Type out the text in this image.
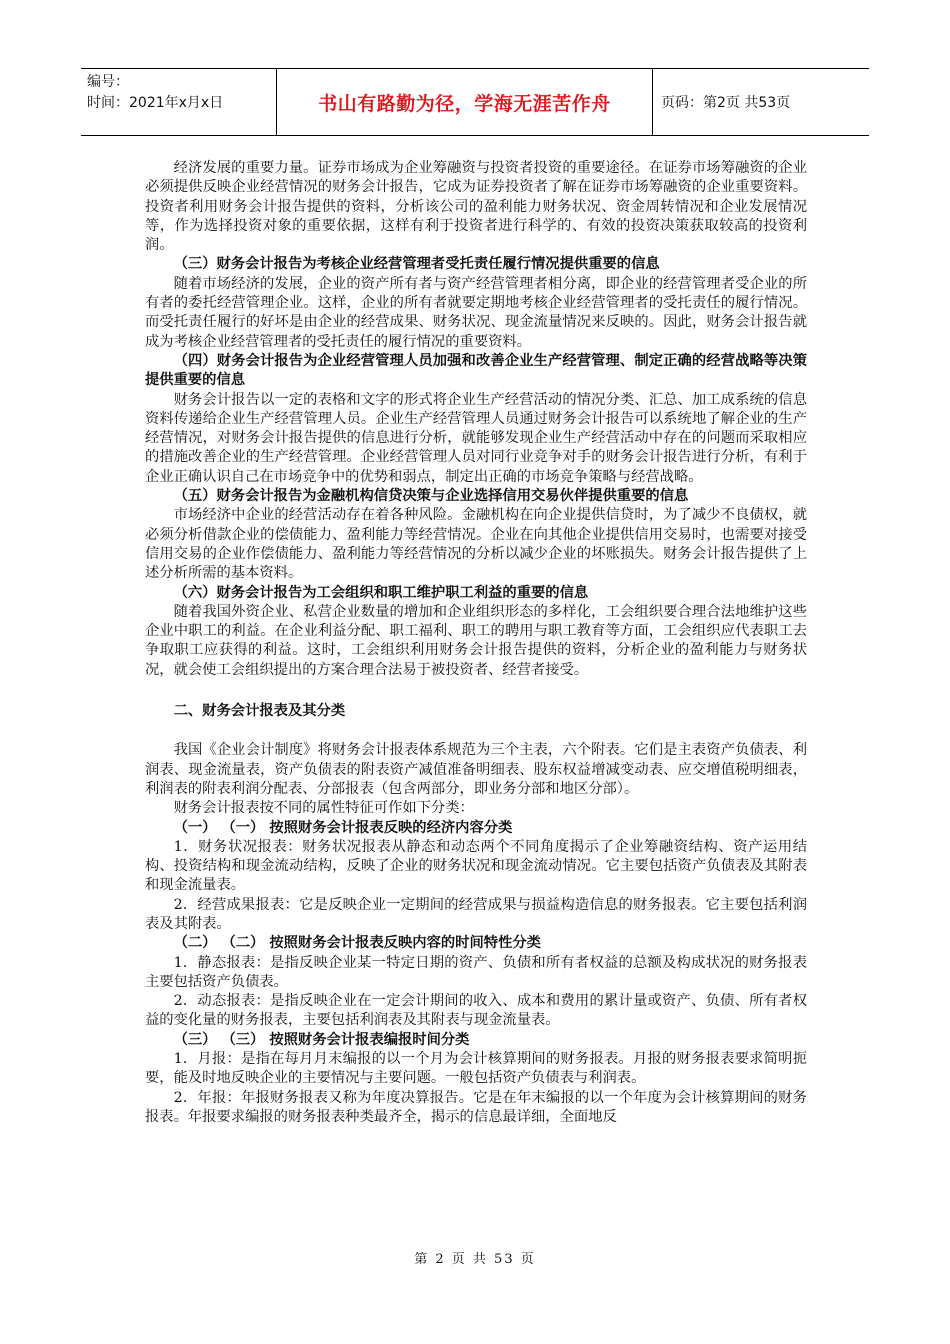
编号：
时间：2021年x月x日	书山有路勤为径，学海无涯苦作舟	页码：第2页 共53页

经济发展的重要力量。证券市场成为企业筹融资与投资者投资的重要途径。在证券市场筹融资的企业必须提供反映企业经营情况的财务会计报告，它成为证券投资者了解在证券市场筹融资的企业重要资料。投资者利用财务会计报告提供的资料，分析该公司的盈利能力财务状况、资金周转情况和企业发展情况等，作为选择投资对象的重要依据，这样有利于投资者进行科学的、有效的投资决策获取较高的投资利润。

（三）财务会计报告为考核企业经营管理者受托责任履行情况提供重要的信息

随着市场经济的发展，企业的资产所有者与资产经营管理者相分离，即企业的经营管理者受企业的所有者的委托经营管理企业。这样，企业的所有者就要定期地考核企业经营管理者的受托责任的履行情况。而受托责任履行的好坏是由企业的经营成果、财务状况、现金流量情况来反映的。因此，财务会计报告就成为考核企业经营管理者的受托责任的履行情况的重要资料。

（四）财务会计报告为企业经营管理人员加强和改善企业生产经营管理、制定正确的经营战略等决策提供重要的信息

财务会计报告以一定的表格和文字的形式将企业生产经营活动的情况分类、汇总、加工成系统的信息资料传递给企业生产经营管理人员。企业生产经营管理人员通过财务会计报告可以系统地了解企业的生产经营情况，对财务会计报告提供的信息进行分析，就能够发现企业生产经营活动中存在的问题而采取相应的措施改善企业的生产经营管理。企业经营管理人员对同行业竞争对手的财务会计报告进行分析，有利于企业正确认识自己在市场竞争中的优势和弱点，制定出正确的市场竞争策略与经营战略。

（五）财务会计报告为金融机构信贷决策与企业选择信用交易伙伴提供重要的信息

市场经济中企业的经营活动存在着各种风险。金融机构在向企业提供信贷时，为了减少不良债权，就必须分析借款企业的偿债能力、盈利能力等经营情况。企业在向其他企业提供信用交易时，也需要对接受信用交易的企业作偿债能力、盈利能力等经营情况的分析以减少企业的坏账损失。财务会计报告提供了上述分析所需的基本资料。

（六）财务会计报告为工会组织和职工维护职工利益的重要的信息

随着我国外资企业、私营企业数量的增加和企业组织形态的多样化，工会组织要合理合法地维护这些企业中职工的利益。在企业利益分配、职工福利、职工的聘用与职工教育等方面，工会组织应代表职工去争取职工应获得的利益。这时，工会组织利用财务会计报告提供的资料，分析企业的盈利能力与财务状况，就会使工会组织提出的方案合理合法易于被投资者、经营者接受。

二、财务会计报表及其分类

我国《企业会计制度》将财务会计报表体系规范为三个主表，六个附表。它们是主表资产负债表、利润表、现金流量表，资产负债表的附表资产减值准备明细表、股东权益增减变动表、应交增值税明细表，利润表的附表利润分配表、分部报表（包含两部分，即业务分部和地区分部）。

财务会计报表按不同的属性特征可作如下分类：

（一） （一） 按照财务会计报表反映的经济内容分类

1．财务状况报表：财务状况报表从静态和动态两个不同角度揭示了企业筹融资结构、资产运用结构、投资结构和现金流动结构，反映了企业的财务状况和现金流动情况。它主要包括资产负债表及其附表和现金流量表。

2．经营成果报表：它是反映企业一定期间的经营成果与损益构造信息的财务报表。它主要包括利润表及其附表。

（二） （二） 按照财务会计报表反映内容的时间特性分类

1．静态报表：是指反映企业某一特定日期的资产、负债和所有者权益的总额及构成状况的财务报表主要包括资产负债表。

2．动态报表：是指反映企业在一定会计期间的收入、成本和费用的累计量或资产、负债、所有者权益的变化量的财务报表，主要包括利润表及其附表与现金流量表。

（三） （三） 按照财务会计报表编报时间分类

1．月报：是指在每月月末编报的以一个月为会计核算期间的财务报表。月报的财务报表要求简明扼要，能及时地反映企业的主要情况与主要问题。一般包括资产负债表与利润表。

2．年报：年报财务报表又称为年度决算报告。它是在年末编报的以一个年度为会计核算期间的财务报表。年报要求编报的财务报表种类最齐全，揭示的信息最详细，全面地反

第 2 页 共 53 页
